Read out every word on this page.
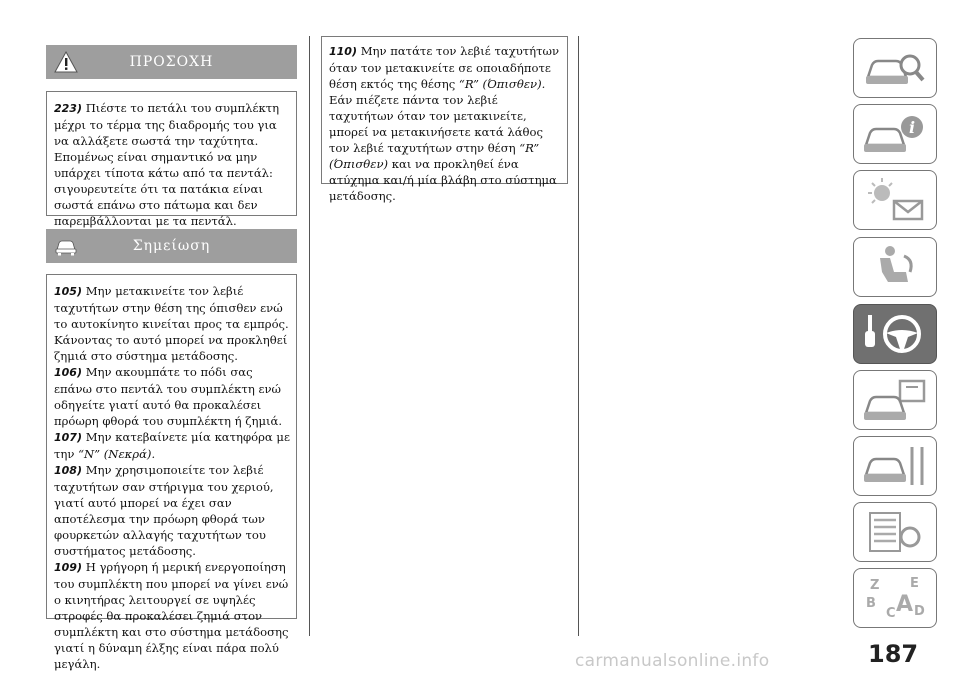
ΠΡΟΣΟΧΗ

223) Πιέστε το πετάλι του συμπλέκτη μέχρι το τέρμα της διαδρομής του για να αλλάξετε σωστά την ταχύτητα. Επομένως είναι σημαντικό να μην υπάρχει τίποτα κάτω από τα πεντάλ: σιγουρευτείτε ότι τα πατάκια είναι σωστά επάνω στο πάτωμα και δεν παρεμβάλλονται με τα πεντάλ.

Σημείωση

105) Μην μετακινείτε τον λεβιέ ταχυτήτων στην θέση της όπισθεν ενώ το αυτοκίνητο κινείται προς τα εμπρός. Κάνοντας το αυτό μπορεί να προκληθεί ζημιά στο σύστημα μετάδοσης.

106) Μην ακουμπάτε το πόδι σας επάνω στο πεντάλ του συμπλέκτη ενώ οδηγείτε γιατί αυτό θα προκαλέσει πρόωρη φθορά του συμπλέκτη ή ζημιά.

107) Μην κατεβαίνετε μία κατηφόρα με την “N” (Νεκρά).

108) Μην χρησιμοποιείτε τον λεβιέ ταχυτήτων σαν στήριγμα του χεριού, γιατί αυτό μπορεί να έχει σαν αποτέλεσμα την πρόωρη φθορά των φουρκετών αλλαγής ταχυτήτων του συστήματος μετάδοσης.

109) Η γρήγορη ή μερική ενεργοποίηση του συμπλέκτη που μπορεί να γίνει ενώ ο κινητήρας λειτουργεί σε υψηλές στροφές θα προκαλέσει ζημιά στον συμπλέκτη και στο σύστημα μετάδοσης γιατί η δύναμη έλξης είναι πάρα πολύ μεγάλη.

110) Μην πατάτε τον λεβιέ ταχυτήτων όταν τον μετακινείτε σε οποιαδήποτε θέση εκτός της θέσης “R” (Όπισθεν). Εάν πιέζετε πάντα τον λεβιέ ταχυτήτων όταν τον μετακινείτε, μπορεί να μετακινήσετε κατά λάθος τον λεβιέ ταχυτήτων στην θέση “R” (Όπισθεν) και να προκληθεί ένα ατύχημα και/ή μία βλάβη στο σύστημα μετάδοσης.

i
Z E
B
C A D
187
carmanualsonline.info
